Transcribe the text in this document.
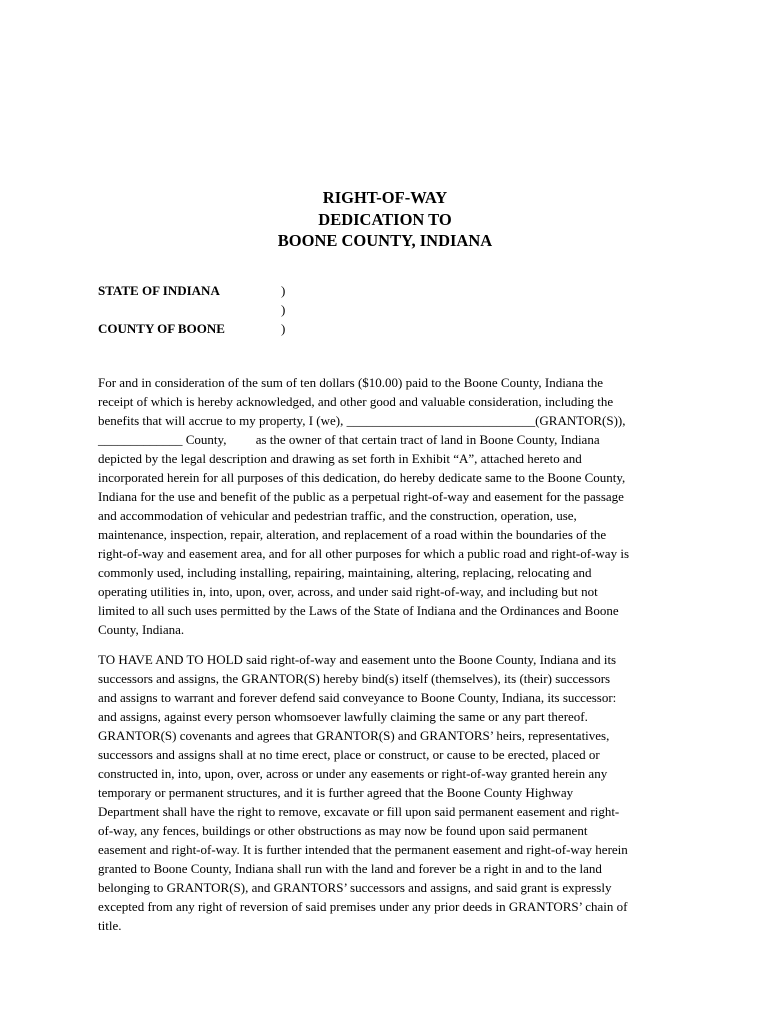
RIGHT-OF-WAY
DEDICATION TO
BOONE COUNTY, INDIANA
STATE OF INDIANA	)
)
COUNTY OF BOONE	)
For and in consideration of the sum of ten dollars ($10.00) paid to the Boone County, Indiana the
receipt of which is hereby acknowledged, and other good and valuable consideration, including the
benefits that will accrue to my property, I (we), _____________________________(GRANTOR(S)),
_____________ County,         as the owner of that certain tract of land in Boone County, Indiana
depicted by the legal description and drawing as set forth in Exhibit “A”, attached hereto and
incorporated herein for all purposes of this dedication, do hereby dedicate same to the Boone County,
Indiana for the use and benefit of the public as a perpetual right-of-way and easement for the passage
and accommodation of vehicular and pedestrian traffic, and the construction, operation, use,
maintenance, inspection, repair, alteration, and replacement of a road within the boundaries of the
right-of-way and easement area, and for all other purposes for which a public road and right-of-way is
commonly used, including installing, repairing, maintaining, altering, replacing, relocating and
operating utilities in, into, upon, over, across, and under said right-of-way, and including but not
limited to all such uses permitted by the Laws of the State of Indiana and the Ordinances and Boone
County, Indiana.
TO HAVE AND TO HOLD said right-of-way and easement unto the Boone County, Indiana and its
successors and assigns, the GRANTOR(S) hereby bind(s) itself (themselves), its (their) successors
and assigns to warrant and forever defend said conveyance to Boone County, Indiana, its successor:
and assigns, against every person whomsoever lawfully claiming the same or any part thereof.
GRANTOR(S) covenants and agrees that GRANTOR(S) and GRANTORS’ heirs, representatives,
successors and assigns shall at no time erect, place or construct, or cause to be erected, placed or
constructed in, into, upon, over, across or under any easements or right-of-way granted herein any
temporary or permanent structures, and it is further agreed that the Boone County Highway
Department shall have the right to remove, excavate or fill upon said permanent easement and right-
of-way, any fences, buildings or other obstructions as may now be found upon said permanent
easement and right-of-way. It is further intended that the permanent easement and right-of-way herein
granted to Boone County, Indiana shall run with the land and forever be a right in and to the land
belonging to GRANTOR(S), and GRANTORS’ successors and assigns, and said grant is expressly
excepted from any right of reversion of said premises under any prior deeds in GRANTORS’ chain of
title.
